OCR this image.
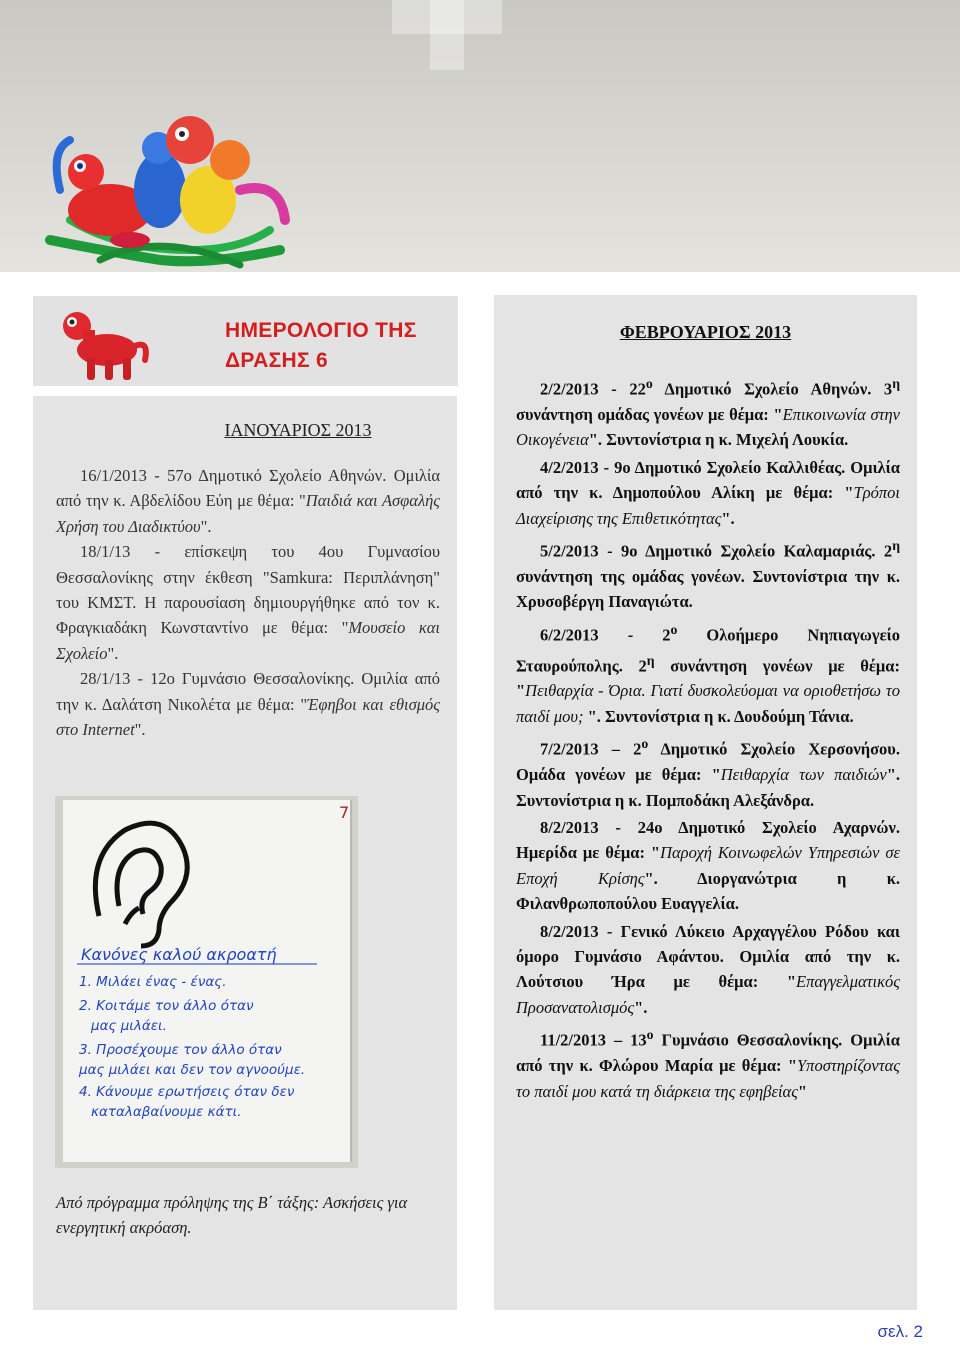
ΗΜΕΡΟΛΟΓΙΟ ΤΗΣ
ΔΡΑΣΗΣ 6

ΙΑΝΟΥΑΡΙΟΣ 2013

16/1/2013 - 57ο Δημοτικό Σχολείο Αθηνών. Ομιλία από την κ. Αβδελίδου Εύη με θέμα: "Παιδιά και Ασφαλής Χρήση του Διαδικτύου".

18/1/13 - επίσκεψη του 4ου Γυμνασίου Θεσσαλονίκης στην έκθεση "Samkura: Περιπλάνηση" του ΚΜΣΤ. Η παρουσίαση δημιουργήθηκε από τον κ. Φραγκιαδάκη Κωνσταντίνο με θέμα: "Μουσείο και Σχολείο".

28/1/13 - 12ο Γυμνάσιο Θεσσαλονίκης. Ομιλία από την κ. Δαλάτση Νικολέτα με θέμα: "Έφηβοι και εθισμός στο Internet".

7
Κανόνες καλού ακροατή
1. Μιλάει ένας - ένας.
2. Κοιτάμε τον άλλο όταν
μας μιλάει.
3. Προσέχουμε τον άλλο όταν
μας μιλάει και δεν τον αγνοούμε.
4. Κάνουμε ερωτήσεις όταν δεν
καταλαβαίνουμε κάτι.

Από πρόγραμμα πρόληψης της Β΄ τάξης: Ασκήσεις για ενεργητική ακρόαση.

ΦΕΒΡΟΥΑΡΙΟΣ 2013

$2/2/2013 - 22^o$ Δημοτικό Σχολείο Αθηνών. $3^\eta$ συνάντηση ομάδας γονέων με θέμα: "Επικοινωνία στην Οικογένεια". Συντονίστρια η κ. Μιχελή Λουκία.

4/2/2013 - 9ο Δημοτικό Σχολείο Καλλιθέας. Ομιλία από την κ. Δημοπούλου Αλίκη με θέμα: "Τρόποι Διαχείρισης της Επιθετικότητας".

5/2/2013 - 9ο Δημοτικό Σχολείο Καλαμαριάς. $2^\eta$ συνάντηση της ομάδας γονέων. Συντονίστρια την κ. Χρυσοβέργη Παναγιώτα.

$6/2/2013 - 2^o$ Ολοήμερο Νηπιαγωγείο Σταυρούπολης. $2^\eta$ συνάντηση γονέων με θέμα: "Πειθαρχία - Όρια. Γιατί δυσκολεύομαι να οριοθετήσω το παιδί μου; ". Συντονίστρια η κ. Δουδούμη Τάνια.

$7/2/2013 - 2^o$ Δημοτικό Σχολείο Χερσονήσου. Ομάδα γονέων με θέμα: "Πειθαρχία των παιδιών". Συντονίστρια η κ. Πομποδάκη Αλεξάνδρα.

8/2/2013 - 24ο Δημοτικό Σχολείο Αχαρνών. Ημερίδα με θέμα: "Παροχή Κοινωφελών Υπηρεσιών σε Εποχή Κρίσης". Διοργανώτρια η κ. Φιλανθρωποπούλου Ευαγγελία.

8/2/2013 - Γενικό Λύκειο Αρχαγγέλου Ρόδου και όμορο Γυμνάσιο Αφάντου. Ομιλία από την κ. Λούτσιου Ήρα με θέμα: "Επαγγελματικός Προσανατολισμός".

$11/2/2013 - 13^o$ Γυμνάσιο Θεσσαλονίκης. Ομιλία από την κ. Φλώρου Μαρία με θέμα: "Υποστηρίζοντας το παιδί μου κατά τη διάρκεια της εφηβείας"

σελ. 2
